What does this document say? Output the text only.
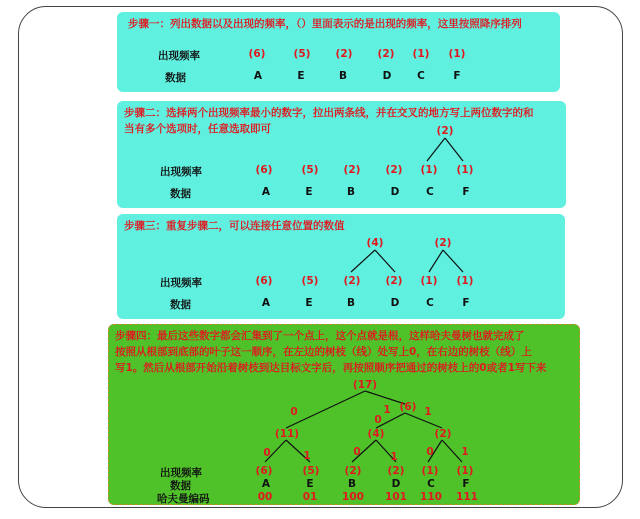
步骤一：列出数据以及出现的频率，（）里面表示的是出现的频率，这里按照降序排列
出现频率
数据
(6)	(5) (2) (2) (1) (1)
A	E	B	D C	F
步骤二：选择两个出现频率最小的数字，拉出两条线，并在交叉的地方写上两位数字的和
当有多个选项时，任意选取即可	(2)
出现频率
数据
(6)	(5) (2) (2) (1) (1)
A	E	B	D	C	F
步骤三：重复步骤二，可以连接任意位置的数值
(4)	(2)
出现频率
数据
(6)	(5) (2) (2) (1) (1)
A	E	B	D	C	F
步骤四：最后这些数字都会汇集到了一个点上，这个点就是根，这样哈夫曼树也就完成了
按照从根部到底部的叶子这一顺序，在左边的树枝（线）处写上0，在右边的树枝（线）上
写1。然后从根部开始沿着树枝到达目标文字后，再按照顺序把通过的树枝上的0或者1写下来
(17)
(6)
(11)	(4)	(2)
0	1
0
1
0	1	0	1	0	1
出现频率
数据
哈夫曼编码
(6)	(5) (2) (2) (1) (1)
A	E	B	D	C	F
00	01 100 101 110 111
